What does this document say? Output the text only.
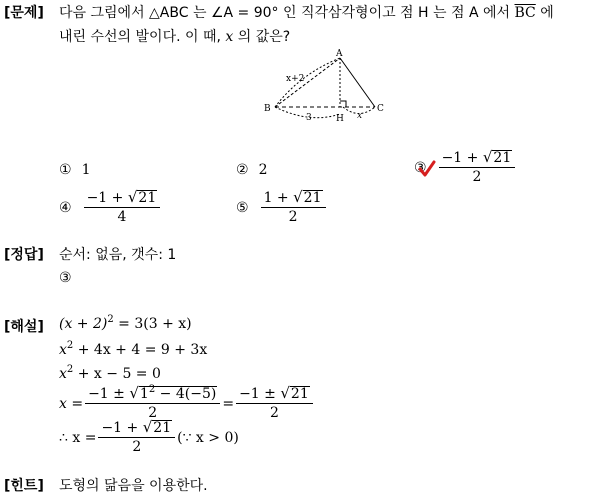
[문제] 다음 그림에서 △ABC 는 ∠A = 90° 인 직각삼각형이고 점 H 는 점 A 에서 $\overline{BC}$ 에
내린 수선의 발이다. 이 때, x 의 값은?
A
B	C
H
x+2
3	x
① 1	② 2	③ $\frac{-1 + √ 21}{2}$
④ $\frac{-1 + √ 21}{4}$	⑤ $\frac{1 + √ 21}{2}$
[정답] 순서: 없음, 갯수: 1
③
[해설] $(x + 2)^2 = 3(3 + x)$
$x^2 + 4x + 4 = 9 + 3x$
$x^2 + x - 5 = 0$
$x = \frac{-1 \pm √ 1^2 - 4(-5)}{2} = \frac{-1 \pm √ 21}{2}$
∴ $x = \frac{-1 + √ 21}{2}$ (∵ x > 0)
[힌트] 도형의 닮음을 이용한다.
